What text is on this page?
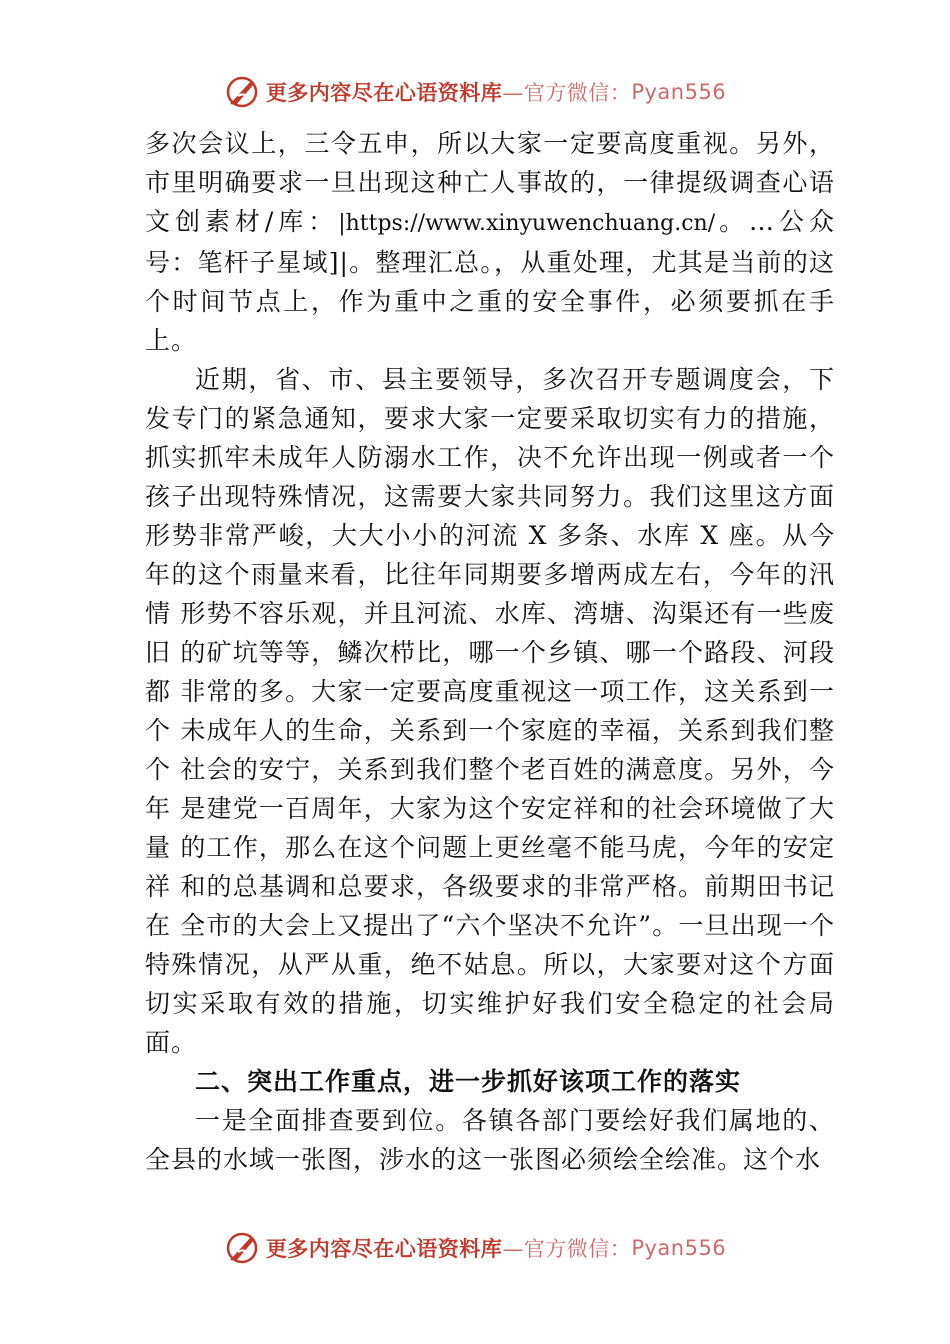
更多内容尽在心语资料库 —官方微信： Pyan556

多次会议上，三令五申，所以大家一定要高度重视。另外，市里明确要求一旦出现这种亡人事故的，一律提级调查心语文创素材/库：|https://www.xinyuwenchuang.cn/。…公众号：笔杆子星域]|。整理汇总。，从重处理，尤其是当前的这个时间节点上，作为重中之重的安全事件，必须要抓在手上。

近期，省、市、县主要领导，多次召开专题调度会，下发专门的紧急通知，要求大家一定要采取切实有力的措施，抓实抓牢未成年人防溺水工作，决不允许出现一例或者一个孩子出现特殊情况，这需要大家共同努力。我们这里这方面形势非常严峻，大大小小的河流 X 多条、水库 X 座。从今年的这个雨量来看，比往年同期要多增两成左右，今年的汛情 形势不容乐观，并且河流、水库、湾塘、沟渠还有一些废旧 的矿坑等等，鳞次栉比，哪一个乡镇、哪一个路段、河段都 非常的多。大家一定要高度重视这一项工作，这关系到一个 未成年人的生命，关系到一个家庭的幸福，关系到我们整个 社会的安宁，关系到我们整个老百姓的满意度。另外，今年 是建党一百周年，大家为这个安定祥和的社会环境做了大量 的工作，那么在这个问题上更丝毫不能马虎，今年的安定祥 和的总基调和总要求，各级要求的非常严格。前期田书记在 全市的大会上又提出了“六个坚决不允许”。一旦出现一个 特殊情况，从严从重，绝不姑息。所以，大家要对这个方面 切实采取有效的措施，切实维护好我们安全稳定的社会局面。

二、突出工作重点，进一步抓好该项工作的落实

一是全面排查要到位。各镇各部门要绘好我们属地的、全县的水域一张图，涉水的这一张图必须绘全绘准。这个水

更多内容尽在心语资料库 —官方微信： Pyan556
